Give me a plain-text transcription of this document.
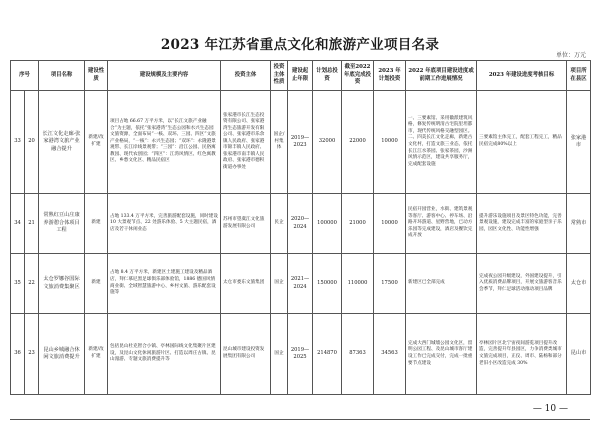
2023 年江苏省重点文化和旅游产业项目名录
单位：万元
序号		项目名称	建设性质	建设规模及主要内容	投资主体	投资主体性质	建设起止年限	计划总投资	截至2022 年底完成投资	2023 年计划投资	2022 年底项目建设进度或前期工作进展情况	2023 年建设进度考核目标	项目所在县区
33	20	长江文化走廊·张家港湾文旅产业融合提升	新建/改扩建	项目占地 66.67 万平方米，以“长江文旅产业融合”为主题，依托“张家港湾”生态公园和水兴生态园文旅资源，全面布局“一核、双环、三园、四区”文旅产业格局，“一核”：永兴生态园；“双环”：永隆港景观带、长江岸线景观带；“三园”：沿江公园、民俗寓教园、现代农创园；“四区”：江湾风情区、红色寓教区、乡愁文化区、精品民宿区	张家港市长江生态投资有限公司、张家港湾生态旅游开发有限公司、张家港市乐余镇人民政府、张家港市锦丰镇人民政府、张家港市南丰镇人民政府、张家港市德积街道办事处	国企/村集体	2019—2023	32000	22000	10000	一、三要素馆、采用徽派建筑风格，修复传统明清古宅院里坦都市，现代传统风格交融型园区。二、四美长江文化走廊，新建古文化村，打造文旅三业态，依托长江江水茶园、张家茶园，沙洲风情示范区，建设共享服务厅，完成配套设施	三要素馆主体完工，配套工程完工，精品民宿完成80%以上	张家港市
34	21	常熟红豆山庄康养游憩合体项目工程	新建	占地 133.4 万平方米，完善旅游配套设施，同时建设 10 大景观节点、22 处游乐体验、5 大主题民宿，酒店及若干休闲业态	苏州市望虞江文化旅游发展有限公司	民企	2020—2024	100000	21000	10000	民宿开园营业，水街、建筑景观等客厅、游客中心、停车场、沿路开环游道、星野营地，已动方乐园等完成建设，酒店及餐饮完成开放	提升游乐设施项目及景区特色功能，完善景观设施，建设完成丰富的家庭型亲子乐园，园区文化性、功能性增强	常熟市
35	22	太仓罗娜谷国际文旅消费集聚区	新建	占地 8.4 万平方米，新建区土建施工建设及精品酒店，拜仁慕尼黑足球俱乐部体验馆，1886 德国风情商业街、全域智慧旅游中心、乡村文旅、游乐配套设施等	太仓市娄东文旅集团	国企	2021—2024	150000	110000	17500	新建区已全部完成	完成夜公园升级建设，外国建设提升，引入优质消费品牌项目，开展文旅游客音乐会季节，拜仁足球活动推动项目品牌	太仓市
36	23	昆山乡城融合休闲文旅消费提升	新建/改扩建	包括昆山杜克智合小镇、亭林国际线文化集聚片区建设，及昆山文化休闲旅游片区、打造以周庄古镇、昆山漫游、专题文旅消费提升等	昆山城市建设投资发展集团有限公司	国企	2019—2025	214870	87363	34563	完成大西门城墙公园文化区，留明公园工程、及昆山城市客厅建设工作已完成交付，完成一批重要节点建设	亭林园片区北宁宙夜间游览项目提升改造，完善提升年县园区，力争消费类城市文旅完成项目，正仪、周市、陆杨和部分老旧小区改造完成 30%	昆山市
— 10 —
